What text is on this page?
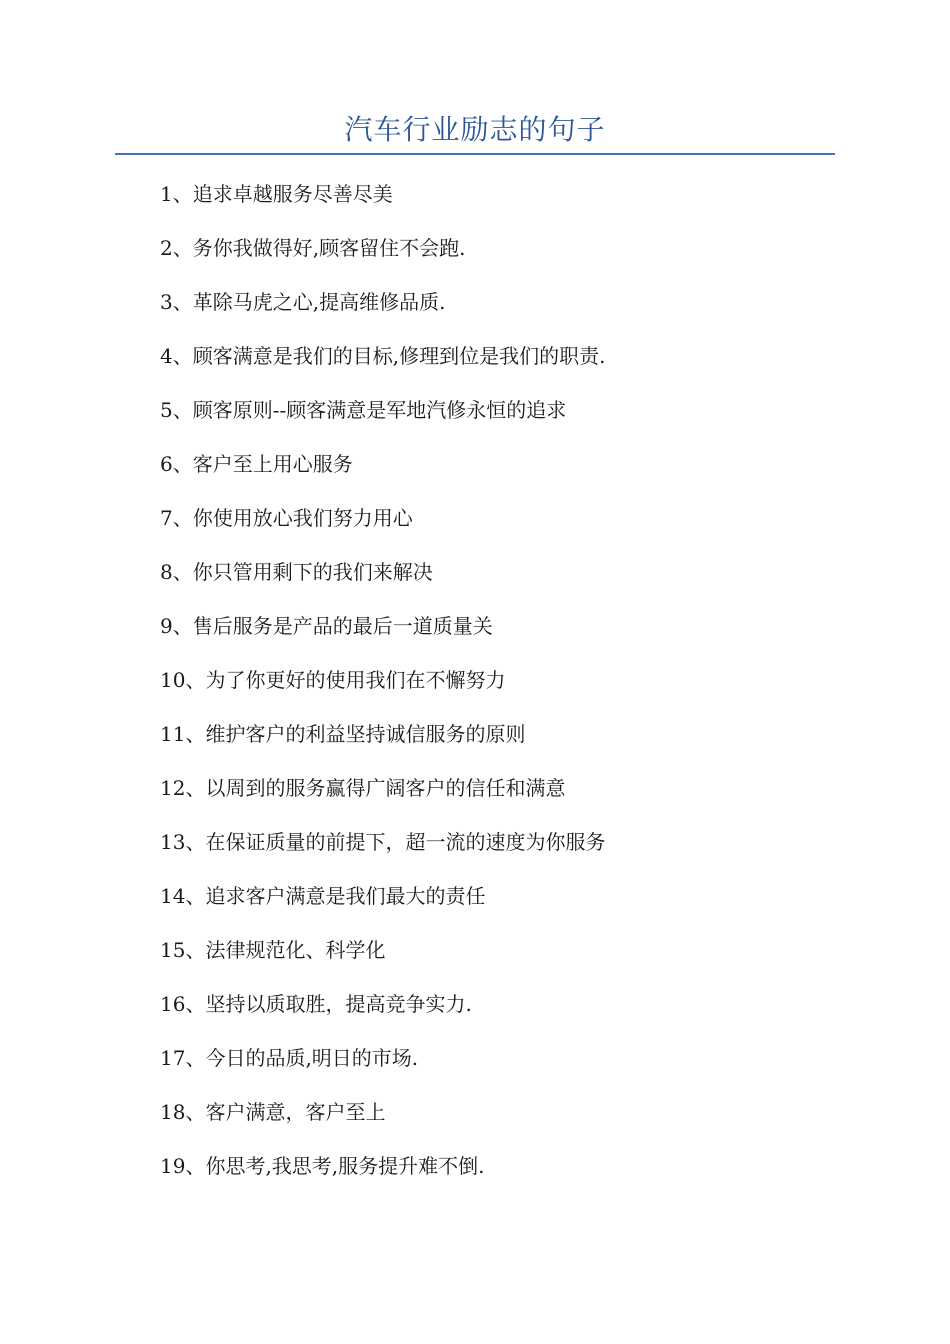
汽车行业励志的句子
1、追求卓越服务尽善尽美
2、务你我做得好,顾客留住不会跑.
3、革除马虎之心,提高维修品质.
4、顾客满意是我们的目标,修理到位是我们的职责.
5、顾客原则--顾客满意是军地汽修永恒的追求
6、客户至上用心服务
7、你使用放心我们努力用心
8、你只管用剩下的我们来解决
9、售后服务是产品的最后一道质量关
10、为了你更好的使用我们在不懈努力
11、维护客户的利益坚持诚信服务的原则
12、以周到的服务赢得广阔客户的信任和满意
13、在保证质量的前提下，超一流的速度为你服务
14、追求客户满意是我们最大的责任
15、法律规范化、科学化
16、坚持以质取胜，提高竞争实力.
17、今日的品质,明日的市场.
18、客户满意，客户至上
19、你思考,我思考,服务提升难不倒.
